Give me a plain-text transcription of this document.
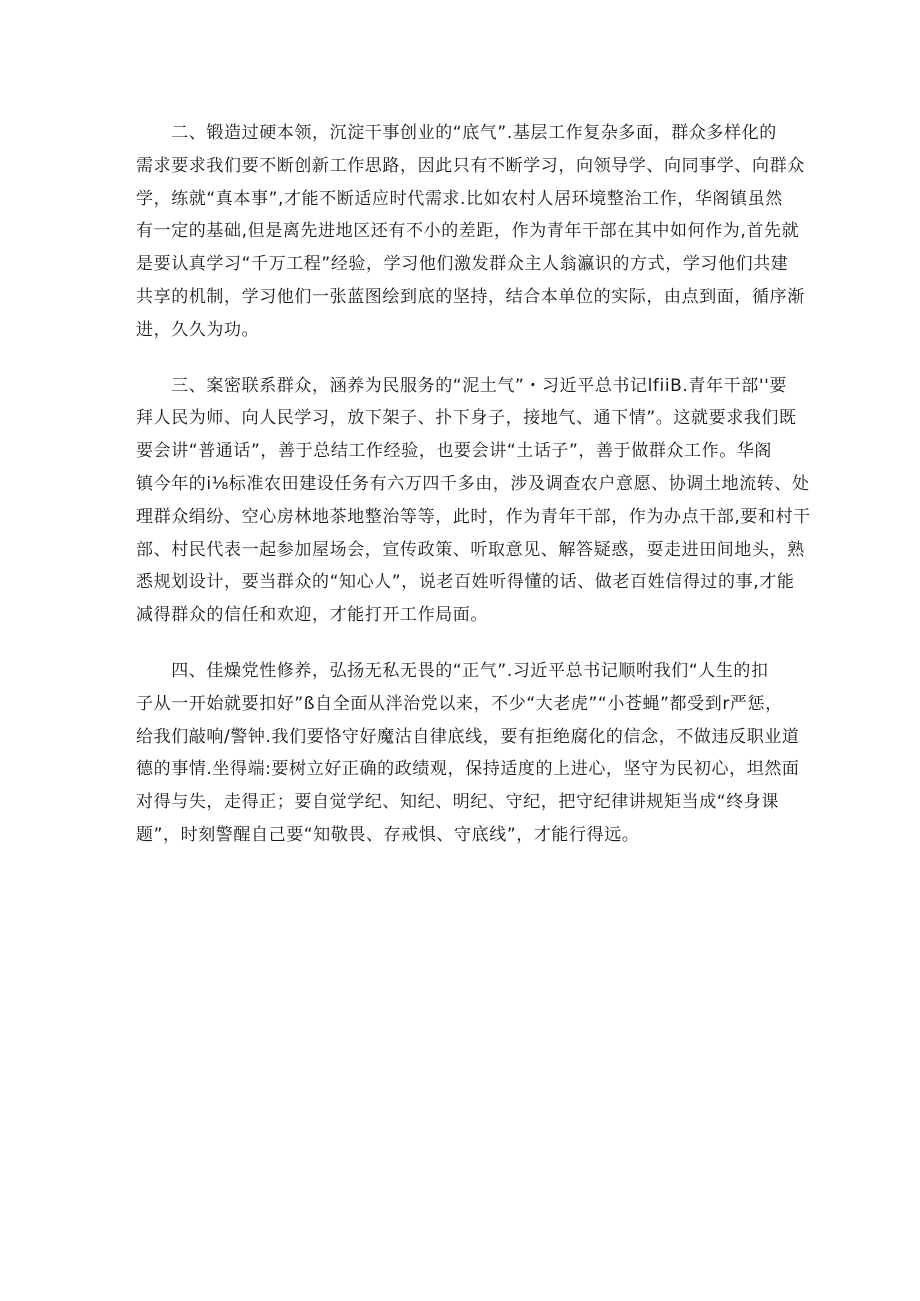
　　二、锻造过硬本领，沉淀干事创业的“底气”.基层工作复杂多面，群众多样化的
需求要求我们要不断创新工作思路，因此只有不断学习，向领导学、向同事学、向群众
学，练就“真本事”,才能不断适应时代需求.比如农村人居环境整治工作，华阁镇虽然
有一定的基础,但是离先进地区还有不小的差距，作为青年干部在其中如何作为,首先就
是要认真学习“千万工程”经验，学习他们激发群众主人翁瀛识的方式，学习他们共建
共享的机制，学习他们一张蓝图绘到底的坚持，结合本单位的实际，由点到面，循序渐
进，久久为功。
　　三、案密联系群众，涵养为民服务的“泥土气”・习近平总书记lfiiB.青年干部''要
拜人民为师、向人民学习，放下架子、扑下身子，接地气、通下情”。这就要求我们既
要会讲“普通话”，善于总结工作经验，也要会讲“土话子”，善于做群众工作。华阁
镇今年的i⅛标准农田建设任务有六万四千多由，涉及调查农户意愿、协调土地流转、处
理群众绢纷、空心房林地茶地整治等等，此时，作为青年干部，作为办点干部,要和村干
部、村民代表一起参加屋场会，宣传政策、听取意见、解答疑惑，耍走进田间地头，熟
悉规划设计，要当群众的“知心人”，说老百姓听得懂的话、做老百姓信得过的事,才能
减得群众的信任和欢迎，才能打开工作局面。
　　四、佳燥党性修养，弘扬无私无畏的“正气”.习近平总书记顺咐我们“人生的扣
子从一开始就要扣好”ß自全面从泮治党以来，不少“大老虎”“小苍蝇”都受到r严惩，
给我们敲响/警钟.我们要恪守好魔沽自律底线，要有拒绝腐化的信念，不做违反职业道
德的事情.坐得端:要树立好正确的政绩观，保持适度的上进心，坚守为民初心，坦然面
对得与失，走得正；要自觉学纪、知纪、明纪、守纪，把守纪律讲规矩当成“终身课
题”，时刻警醒自己要“知敬畏、存戒惧、守底线”，才能行得远。
